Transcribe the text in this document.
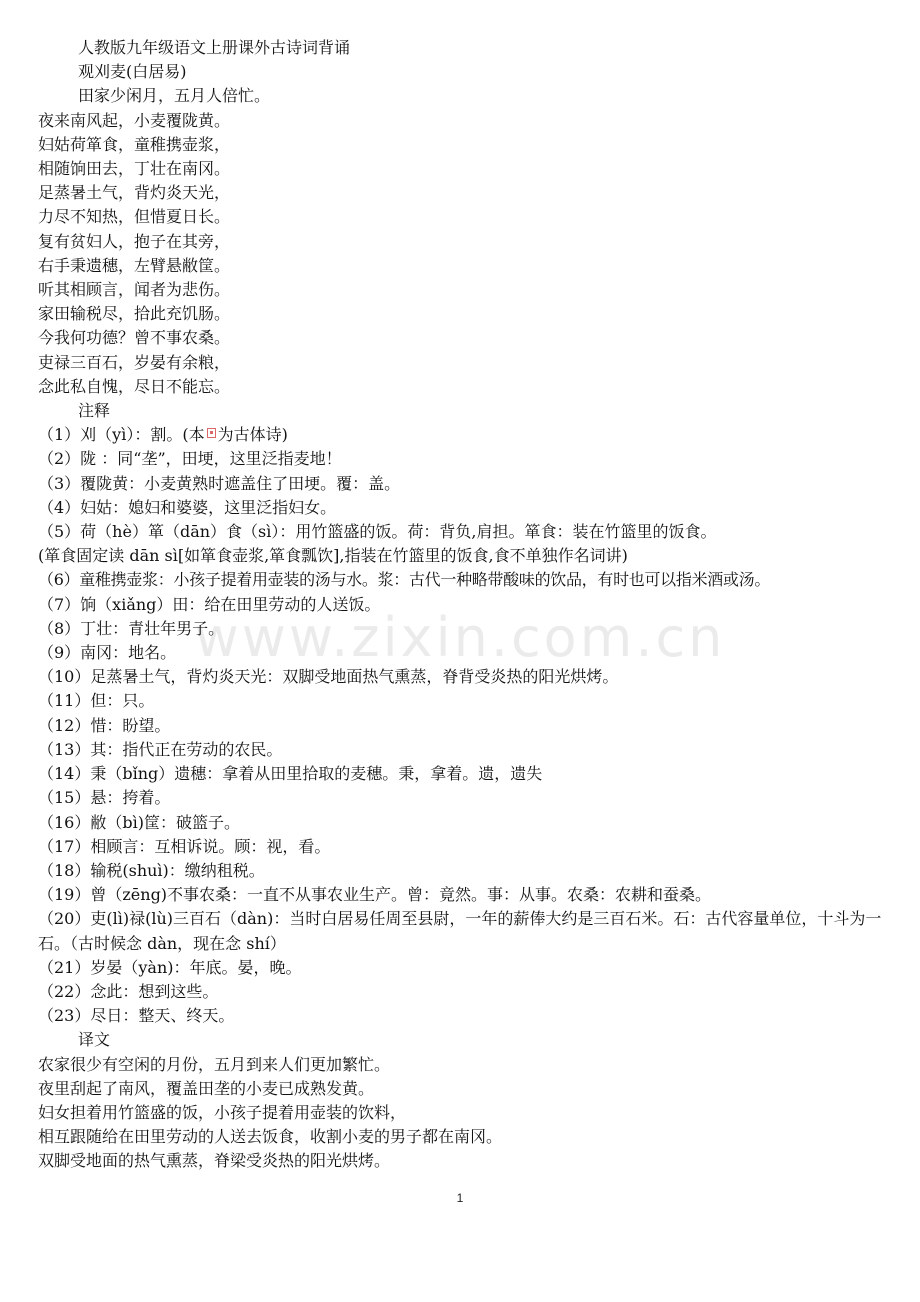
www.zixin.com.cn
人教版九年级语文上册课外古诗词背诵
观刈麦(白居易)
田家少闲月，五月人倍忙。
夜来南风起，小麦覆陇黄。
妇姑荷箪食，童稚携壶浆，
相随饷田去，丁壮在南冈。
足蒸暑土气，背灼炎天光，
力尽不知热，但惜夏日长。
复有贫妇人，抱子在其旁，
右手秉遗穗，左臂悬敝筐。
听其相顾言，闻者为悲伤。
家田输税尽，拾此充饥肠。
今我何功德？曾不事农桑。
吏禄三百石，岁晏有余粮，
念此私自愧，尽日不能忘。
注释
（1）刈（yì）：割。(本 为古体诗)
（2）陇 ：同“垄”，田埂，这里泛指麦地！
（3）覆陇黄：小麦黄熟时遮盖住了田埂。覆：盖。
（4）妇姑：媳妇和婆婆，这里泛指妇女。
（5）荷（hè）箪（dān）食（sì）：用竹篮盛的饭。荷：背负,肩担。箪食：装在竹篮里的饭食。
(箪食固定读 dān sì[如箪食壶浆,箪食瓢饮],指装在竹篮里的饭食,食不单独作名词讲)
（6）童稚携壶浆：小孩子提着用壶装的汤与水。浆：古代一种略带酸味的饮品，有时也可以指米酒或汤。
（7）饷（xiǎng）田：给在田里劳动的人送饭。
（8）丁壮：青壮年男子。
（9）南冈：地名。
（10）足蒸暑土气，背灼炎天光：双脚受地面热气熏蒸，脊背受炎热的阳光烘烤。
（11）但：只。
（12）惜：盼望。
（13）其：指代正在劳动的农民。
（14）秉（bǐng）遗穗：拿着从田里拾取的麦穗。秉，拿着。遗，遗失
（15）悬：挎着。
（16）敝（bì)筐：破篮子。
（17）相顾言：互相诉说。顾：视，看。
（18）输税(shuì)：缴纳租税。
（19）曾（zēng)不事农桑：一直不从事农业生产。曾：竟然。事：从事。农桑：农耕和蚕桑。
（20）吏(lì)禄(lù)三百石（dàn)：当时白居易任周至县尉，一年的薪俸大约是三百石米。石：古代容量单位，十斗为一石。（古时候念 dàn，现在念 shí）
（21）岁晏（yàn)：年底。晏，晚。
（22）念此：想到这些。
（23）尽日：整天、终天。
译文
农家很少有空闲的月份，五月到来人们更加繁忙。
夜里刮起了南风，覆盖田垄的小麦已成熟发黄。
妇女担着用竹篮盛的饭，小孩子提着用壶装的饮料，
相互跟随给在田里劳动的人送去饭食，收割小麦的男子都在南冈。
双脚受地面的热气熏蒸，脊梁受炎热的阳光烘烤。
1
